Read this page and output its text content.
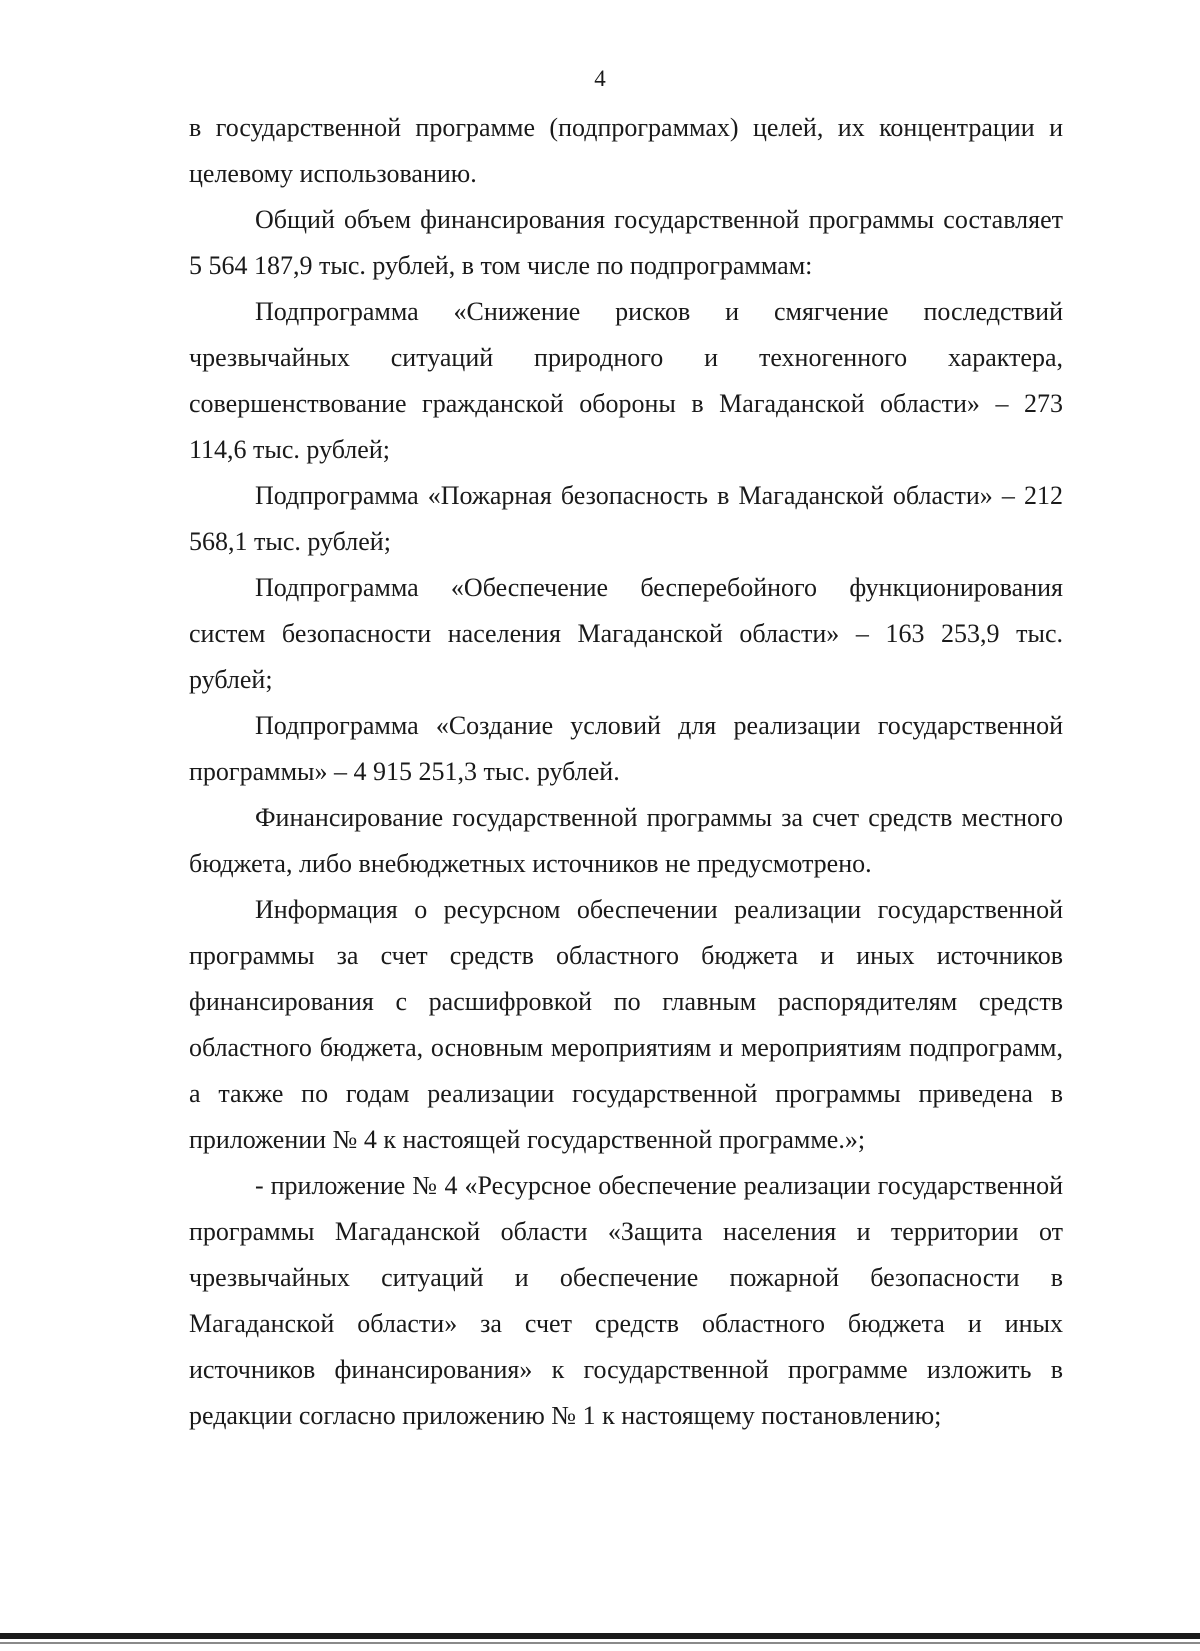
4

в государственной программе (подпрограммах) целей, их концентрации и целевому использованию.

Общий объем финансирования государственной программы составляет 5 564 187,9 тыс. рублей, в том числе по подпрограммам:

Подпрограмма «Снижение рисков и смягчение последствий чрезвычайных ситуаций природного и техногенного характера, совершенствование гражданской обороны в Магаданской области» – 273 114,6 тыс. рублей;

Подпрограмма «Пожарная безопасность в Магаданской области» – 212 568,1 тыс. рублей;

Подпрограмма «Обеспечение бесперебойного функционирования систем безопасности населения Магаданской области» – 163 253,9 тыс. рублей;

Подпрограмма «Создание условий для реализации государственной программы» – 4 915 251,3 тыс. рублей.

Финансирование государственной программы за счет средств местного бюджета, либо внебюджетных источников не предусмотрено.

Информация о ресурсном обеспечении реализации государственной программы за счет средств областного бюджета и иных источников финансирования с расшифровкой по главным распорядителям средств областного бюджета, основным мероприятиям и мероприятиям подпрограмм, а также по годам реализации государственной программы приведена в приложении № 4 к настоящей государственной программе.»;

- приложение № 4 «Ресурсное обеспечение реализации государственной программы Магаданской области «Защита населения и территории от чрезвычайных ситуаций и обеспечение пожарной безопасности в Магаданской области» за счет средств областного бюджета и иных источников финансирования» к государственной программе изложить в редакции согласно приложению № 1 к настоящему постановлению;
